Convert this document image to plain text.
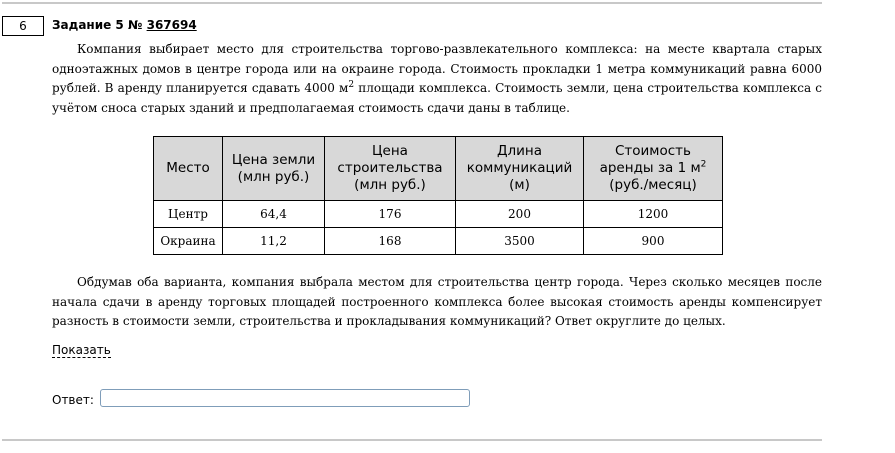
6	Задание 5 № 367694
Компания выбирает место для строительства торгово-развлекательного комплекса: на месте квартала старых одноэтажных домов в центре города или на окраине города. Стоимость прокладки 1 метра коммуникаций равна 6000 рублей. В аренду планируется сдавать 4000 $м^2$ площади комплекса. Стоимость земли, цена строительства комплекса с учётом сноса старых зданий и предполагаемая стоимость сдачи даны в таблице.
Место	Цена земли (млн руб.)	Цена строительства (млн руб.)	Длина коммуникаций (м)	Стоимость аренды за 1 $м^2$
(руб./месяц)
Центр	64,4	176	200	1200
Окраина	11,2	168	3500	900
Обдумав оба варианта, компания выбрала местом для строительства центр города. Через сколько месяцев после начала сдачи в аренду торговых площадей построенного комплекса более высокая стоимость аренды компенсирует разность в стоимости земли, строительства и прокладывания коммуникаций? Ответ округлите до целых.
Показать
Ответ:
